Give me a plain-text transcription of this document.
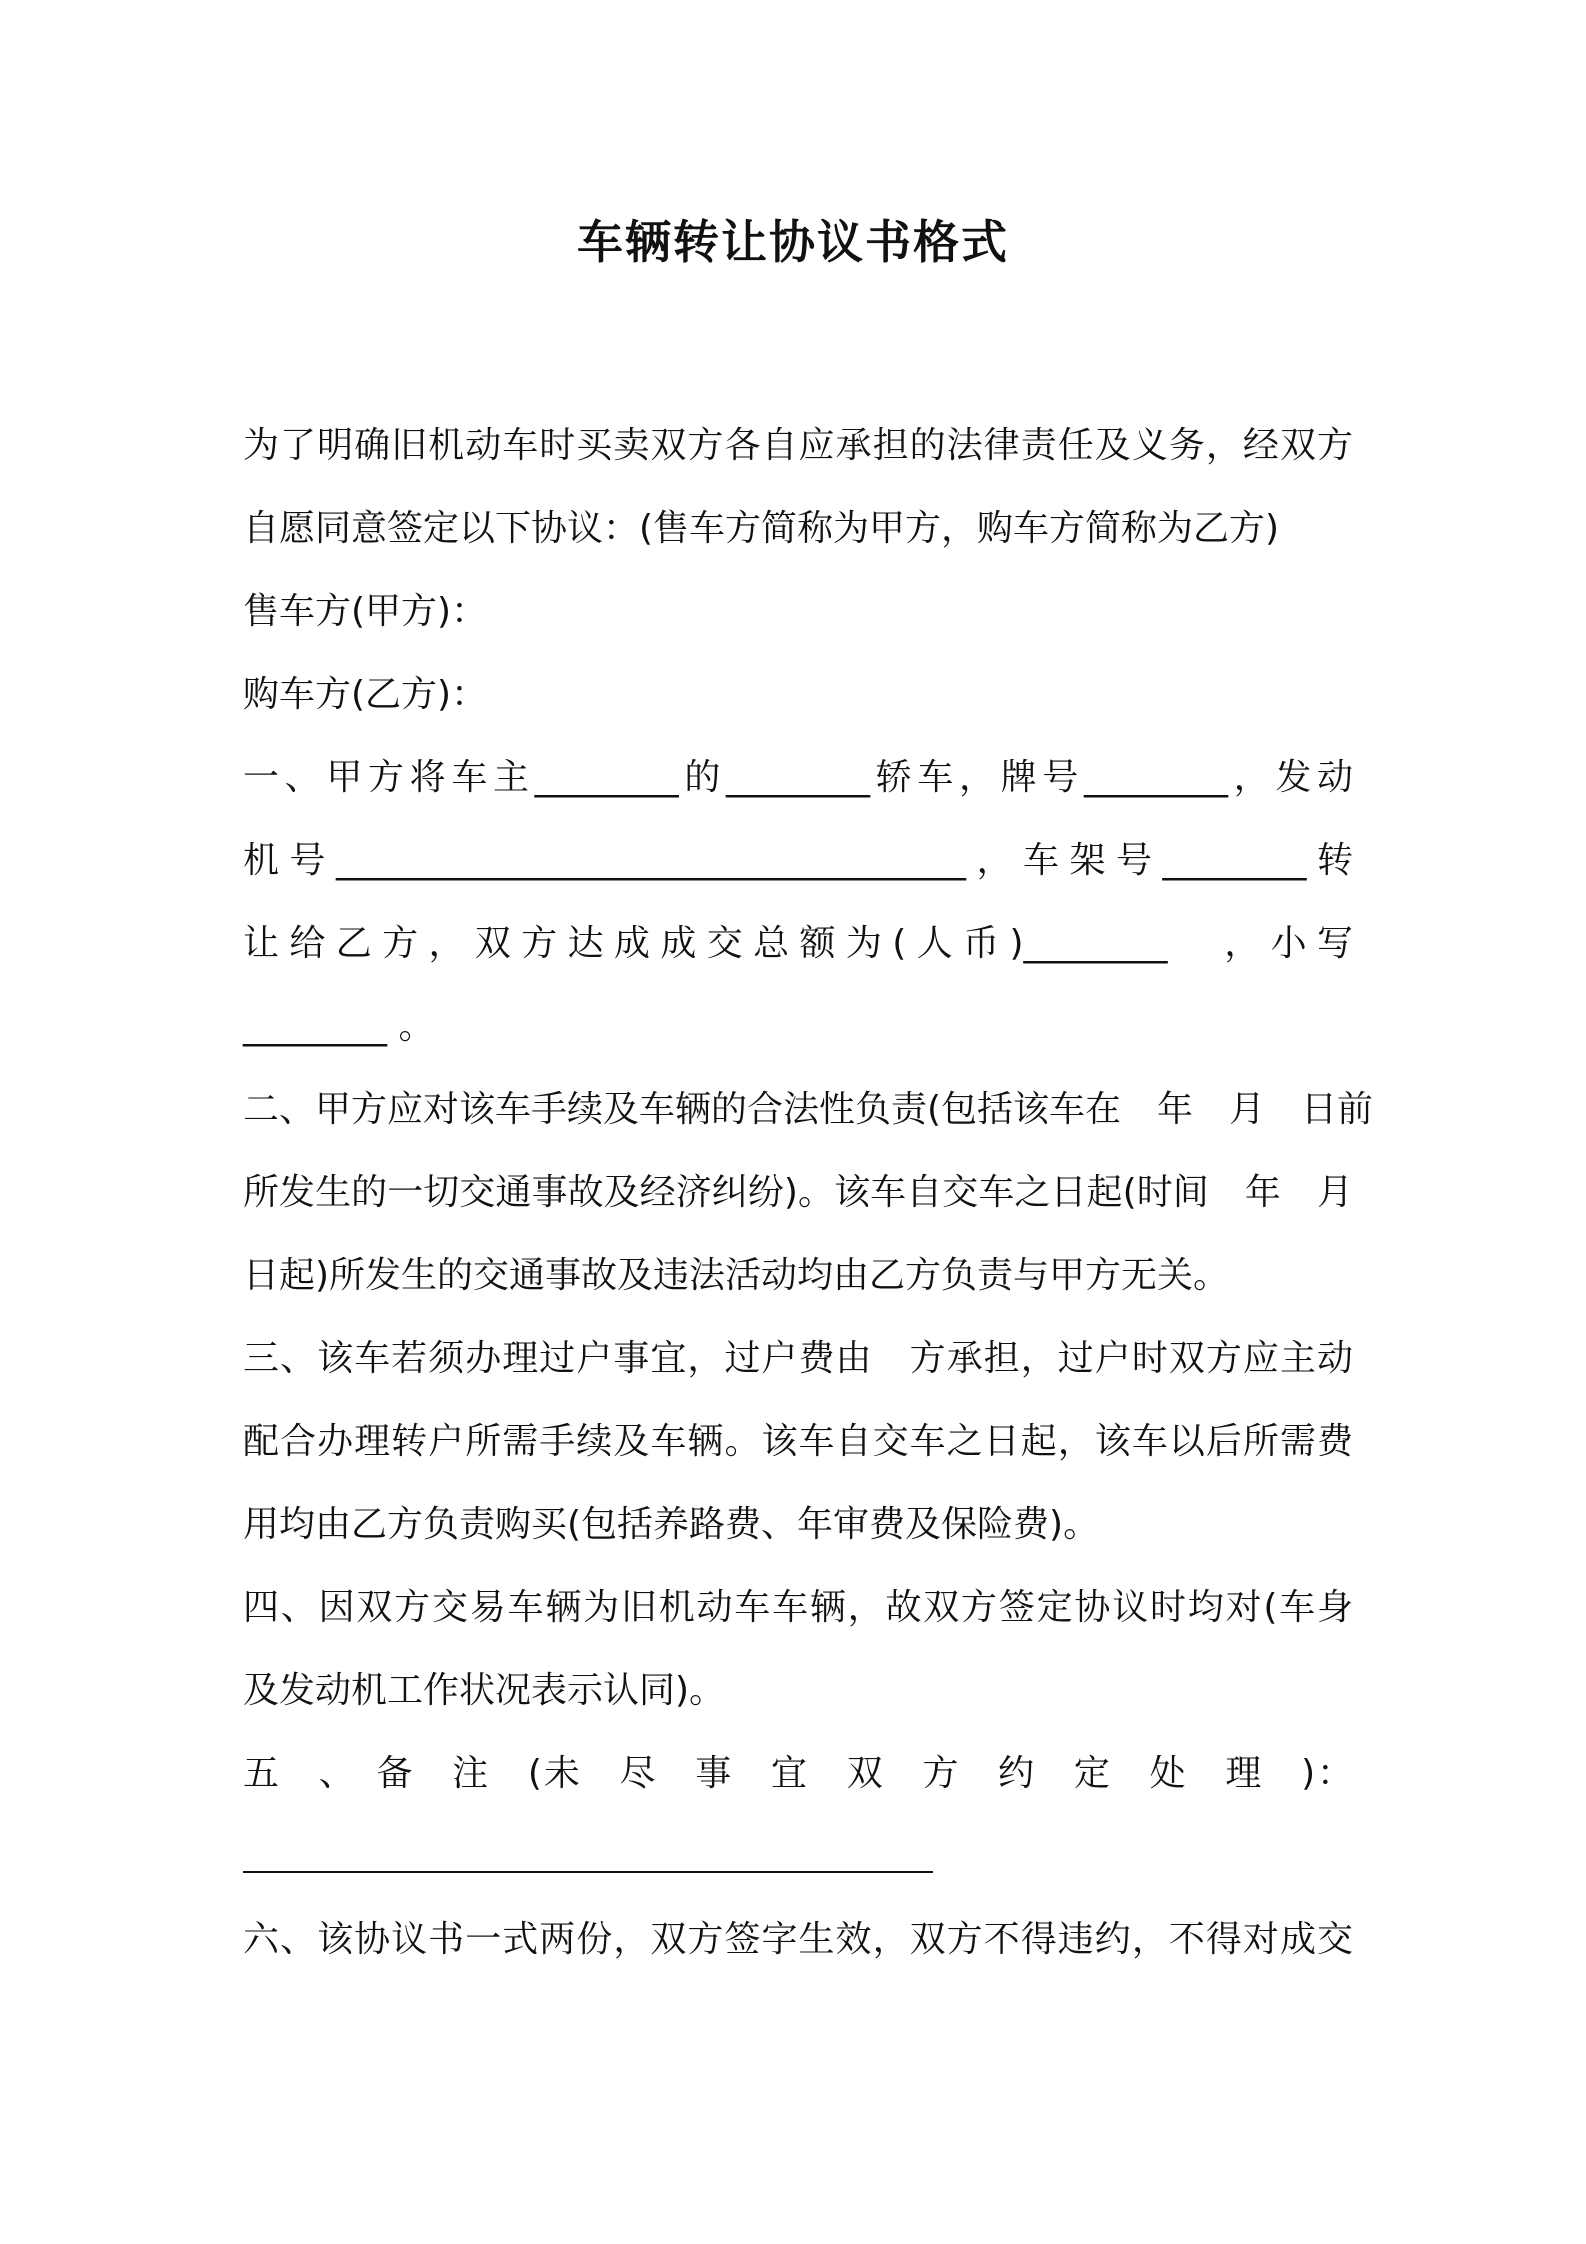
车辆转让协议书格式
为了明确旧机动车时买卖双方各自应承担的法律责任及义务，经双方
自愿同意签定以下协议：(售车方简称为甲方，购车方简称为乙方)
售车方(甲方)：
购车方(乙方)：
一、甲方将车主________的________轿车，牌号________，发动
机号___________________________________，车架号________转
让给乙方，双方达成成交总额为(人币)________　，小写
________ 。
二、甲方应对该车手续及车辆的合法性负责(包括该车在　年　月　日前
所发生的一切交通事故及经济纠纷)。该车自交车之日起(时间　年　月
日起)所发生的交通事故及违法活动均由乙方负责与甲方无关。
三、该车若须办理过户事宜，过户费由　方承担，过户时双方应主动
配合办理转户所需手续及车辆。该车自交车之日起，该车以后所需费
用均由乙方负责购买(包括养路费、年审费及保险费)。
四、因双方交易车辆为旧机动车车辆，故双方签定协议时均对(车身
及发动机工作状况表示认同)。
五　、　备　注　(未　尽　事　宜　双　方　约　定　处　理　)：
六、该协议书一式两份，双方签字生效，双方不得违约，不得对成交
